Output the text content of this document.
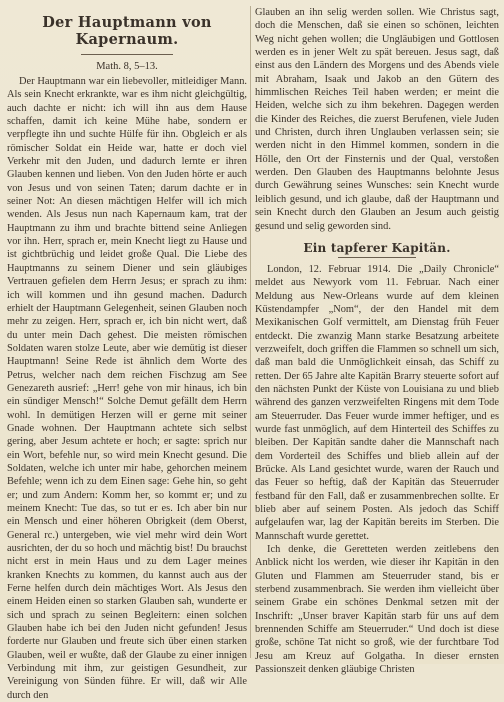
Der Hauptmann von Kapernaum.

Math. 8, 5–13.

Der Hauptmann war ein liebevoller, mitleidiger Mann. Als sein Knecht erkrankte, war es ihm nicht gleichgültig, auch dachte er nicht: ich will ihn aus dem Hause schaffen, damit ich keine Mühe habe, sondern er verpflegte ihn und suchte Hülfe für ihn. Obgleich er als römischer Soldat ein Heide war, hatte er doch viel Verkehr mit den Juden, und dadurch lernte er ihren Glauben kennen und lieben. Von den Juden hörte er auch von Jesus und von seinen Taten; darum dachte er in seiner Not: An diesen mächtigen Helfer will ich mich wenden. Als Jesus nun nach Kapernaum kam, trat der Hauptmann zu ihm und brachte bittend seine Anliegen vor ihn. Herr, sprach er, mein Knecht liegt zu Hause und ist gichtbrüchig und leidet große Qual. Die Liebe des Hauptmanns zu seinem Diener und sein gläubiges Vertrauen gefielen dem Herrn Jesus; er sprach zu ihm: ich will kommen und ihn gesund machen. Dadurch erhielt der Hauptmann Gelegenheit, seinen Glauben noch mehr zu zeigen. Herr, sprach er, ich bin nicht wert, daß du unter mein Dach gehest. Die meisten römischen Soldaten waren stolze Leute, aber wie demütig ist dieser Hauptmann! Seine Rede ist ähnlich dem Worte des Petrus, welcher nach dem reichen Fischzug am See Genezareth ausrief: „Herr! gehe von mir hinaus, ich bin ein sündiger Mensch!“ Solche Demut gefällt dem Herrn wohl. In demütigen Herzen will er gerne mit seiner Gnade wohnen. Der Hauptmann achtete sich selbst gering, aber Jesum achtete er hoch; er sagte: sprich nur ein Wort, befehle nur, so wird mein Knecht gesund. Die Soldaten, welche ich unter mir habe, gehorchen meinem Befehle; wenn ich zu dem Einen sage: Gehe hin, so geht er; und zum Andern: Komm her, so kommt er; und zu meinem Knecht: Tue das, so tut er es. Ich aber bin nur ein Mensch und einer höheren Obrigkeit (dem Oberst, General rc.) untergeben, wie viel mehr wird dein Wort ausrichten, der du so hoch und mächtig bist! Du brauchst nicht erst in mein Haus und zu dem Lager meines kranken Knechts zu kommen, du kannst auch aus der Ferne helfen durch dein mächtiges Wort. Als Jesus den einem Heiden einen so starken Glauben sah, wunderte er sich und sprach zu seinen Begleitern: einen solchen Glauben habe ich bei den Juden nicht gefunden! Jesus forderte nur Glauben und freute sich über einen starken Glauben, weil er wußte, daß der Glaube zu einer innigen Verbindung mit ihm, zur geistigen Gesundheit, zur Vereinigung von Sünden führe. Er will, daß wir Alle durch den

Glauben an ihn selig werden sollen. Wie Christus sagt, doch die Menschen, daß sie einen so schönen, leichten Weg nicht gehen wollen; die Ungläubigen und Gottlosen werden es in jener Welt zu spät bereuen. Jesus sagt, daß einst aus den Ländern des Morgens und des Abends viele mit Abraham, Isaak und Jakob an den Gütern des himmlischen Reiches Teil haben werden; er meint die Heiden, welche sich zu ihm bekehren. Dagegen werden die Kinder des Reiches, die zuerst Berufenen, viele Juden und Christen, durch ihren Unglauben verlassen sein; sie werden nicht in den Himmel kommen, sondern in die Hölle, den Ort der Finsternis und der Qual, verstoßen werden. Den Glauben des Hauptmanns belohnte Jesus durch Gewährung seines Wunsches: sein Knecht wurde leiblich gesund, und ich glaube, daß der Hauptmann und sein Knecht durch den Glauben an Jesum auch geistig gesund und selig geworden sind.

Ein tapferer Kapitän.

London, 12. Februar 1914. Die „Daily Chronicle“ meldet aus Newyork vom 11. Februar. Nach einer Meldung aus New-Orleans wurde auf dem kleinen Küstendampfer „Nom“, der den Handel mit dem Mexikanischen Golf vermittelt, am Dienstag früh Feuer entdeckt. Die zwanzig Mann starke Besatzung arbeitete verzweifelt, doch griffen die Flammen so schnell um sich, daß man bald die Unmöglichkeit einsah, das Schiff zu retten. Der 65 Jahre alte Kapitän Brarry steuerte sofort auf den nächsten Punkt der Küste von Louisiana zu und blieb während des ganzen verzweifelten Ringens mit dem Tode am Steuerruder. Das Feuer wurde immer heftiger, und es wurde fast unmöglich, auf dem Hinterteil des Schiffes zu bleiben. Der Kapitän sandte daher die Mannschaft nach dem Vorderteil des Schiffes und blieb allein auf der Brücke. Als Land gesichtet wurde, waren der Rauch und das Feuer so heftig, daß der Kapitän das Steuerruder festband für den Fall, daß er zusammenbrechen sollte. Er blieb aber auf seinem Posten. Als jedoch das Schiff aufgelaufen war, lag der Kapitän bereits im Sterben. Die Mannschaft wurde gerettet.

Ich denke, die Geretteten werden zeitlebens den Anblick nicht los werden, wie dieser ihr Kapitän in den Gluten und Flammen am Steuerruder stand, bis er sterbend zusammenbrach. Sie werden ihm vielleicht über seinem Grabe ein schönes Denkmal setzen mit der Inschrift: „Unser braver Kapitän starb für uns auf dem brennenden Schiffe am Steuerruder.“ Und doch ist diese große, schöne Tat nicht so groß, wie der furchtbare Tod Jesu am Kreuz auf Golgatha. In dieser ernsten Passionszeit denken gläubige Christen
